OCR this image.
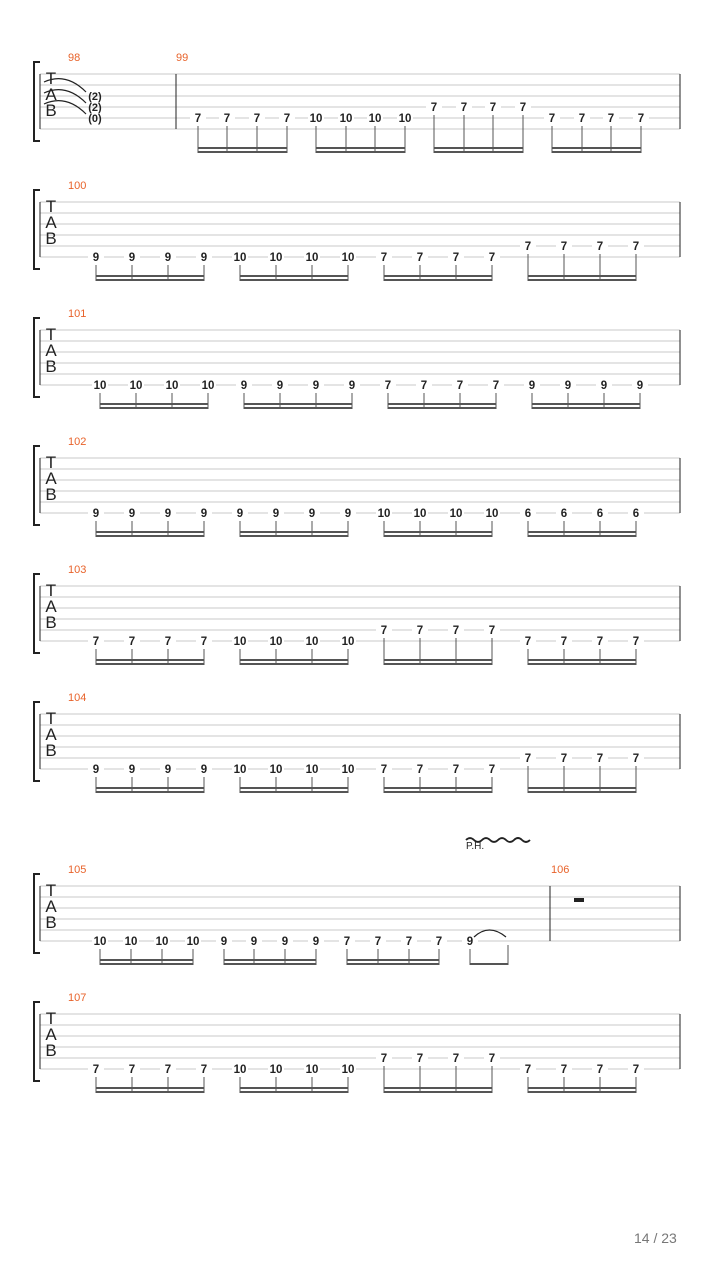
T
A
B
98
(2)
(2)
(0)
99
7 7 7 7 10 10 10 10
7 7 7 7
7 7 7 7
T
A
B
100
9	9	9	9 10 10 10 10 7	7	7	7
7	7	7	7
T
A
B
101
10 10 10 10 9	9	9	9	7	7	7	7	9	9	9	9
T
A
B
102
9	9	9	9	9	9	9	9 10 10 10 10 6	6	6	6
T
A
B
103
7	7	7	7 10 10 10 10
7	7	7	7
7	7	7	7
T
A
B
104
9	9	9	9 10 10 10 10 7	7	7	7
7	7	7	7
T
A
B
P.H.
105
10 10 10 10 9 9 9 9 7 7 7 7 9
106
T
A
B
107
7	7	7	7 10 10 10 10
7	7	7	7
7	7	7	7
14 / 23
